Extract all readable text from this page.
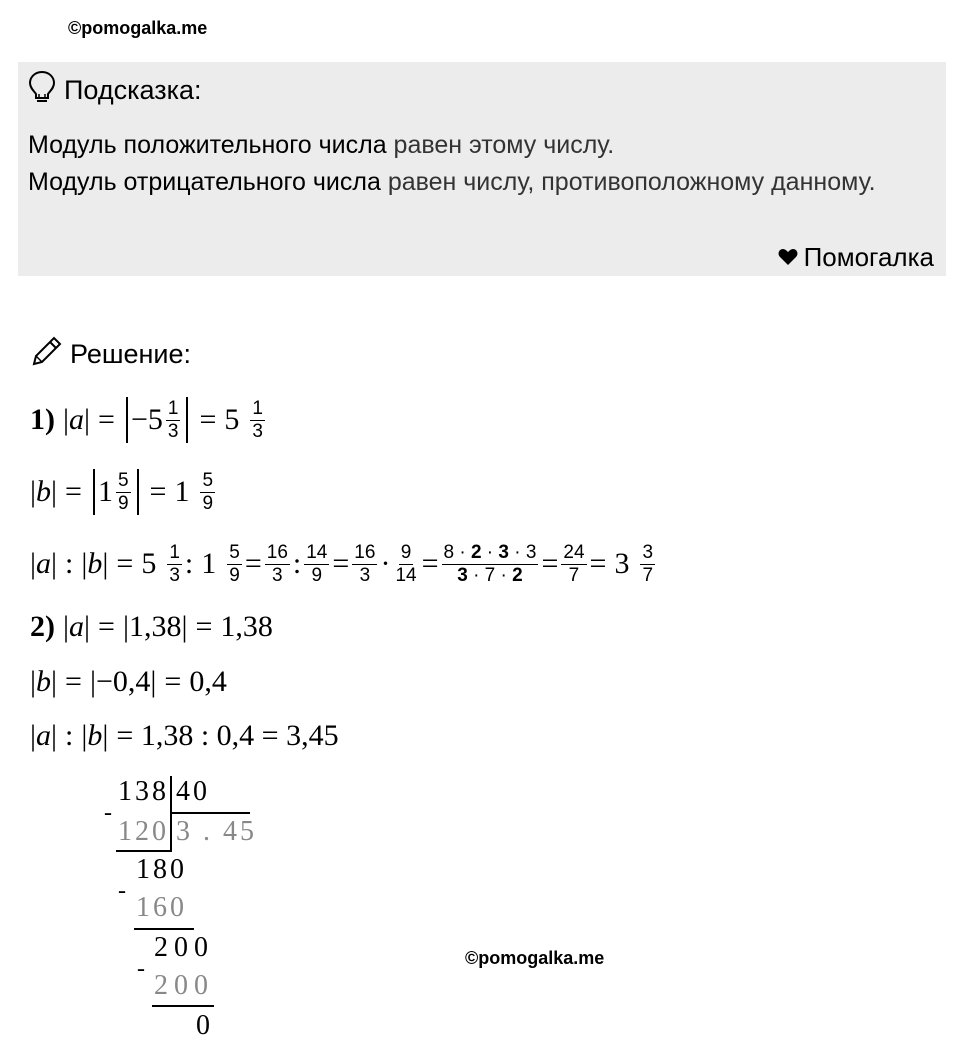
©pomogalka.me
©pomogalka.me
Подсказка:
Модуль положительного числа равен этому числу.
Модуль отрицательного числа равен числу, противоположному данному.
Помогалка
Решение:
1) | a | = −5 1
3 = 5 1
3
| b | = 1 5
9 = 1 5
9
| a | : | b | = 5 1
3 : $1 \frac{5}{9} = \frac{16}{3}$ : $\frac{14}{9} = \frac{16}{3} \cdot \frac{9}{14} = \frac{8 \cdot 2 \cdot 3 \cdot 3}{3 \cdot 7 \cdot 2} = \frac{24}{7} = 3$ 3
7
2) | a | = | 1,38 | = 1,38
| b | = | −0,4 | = 0,4
| a | : | b | = 1,38 : 0,4 = 3,45
138 40
-
120 3 . 45
180
-
160
200
-
200
0
